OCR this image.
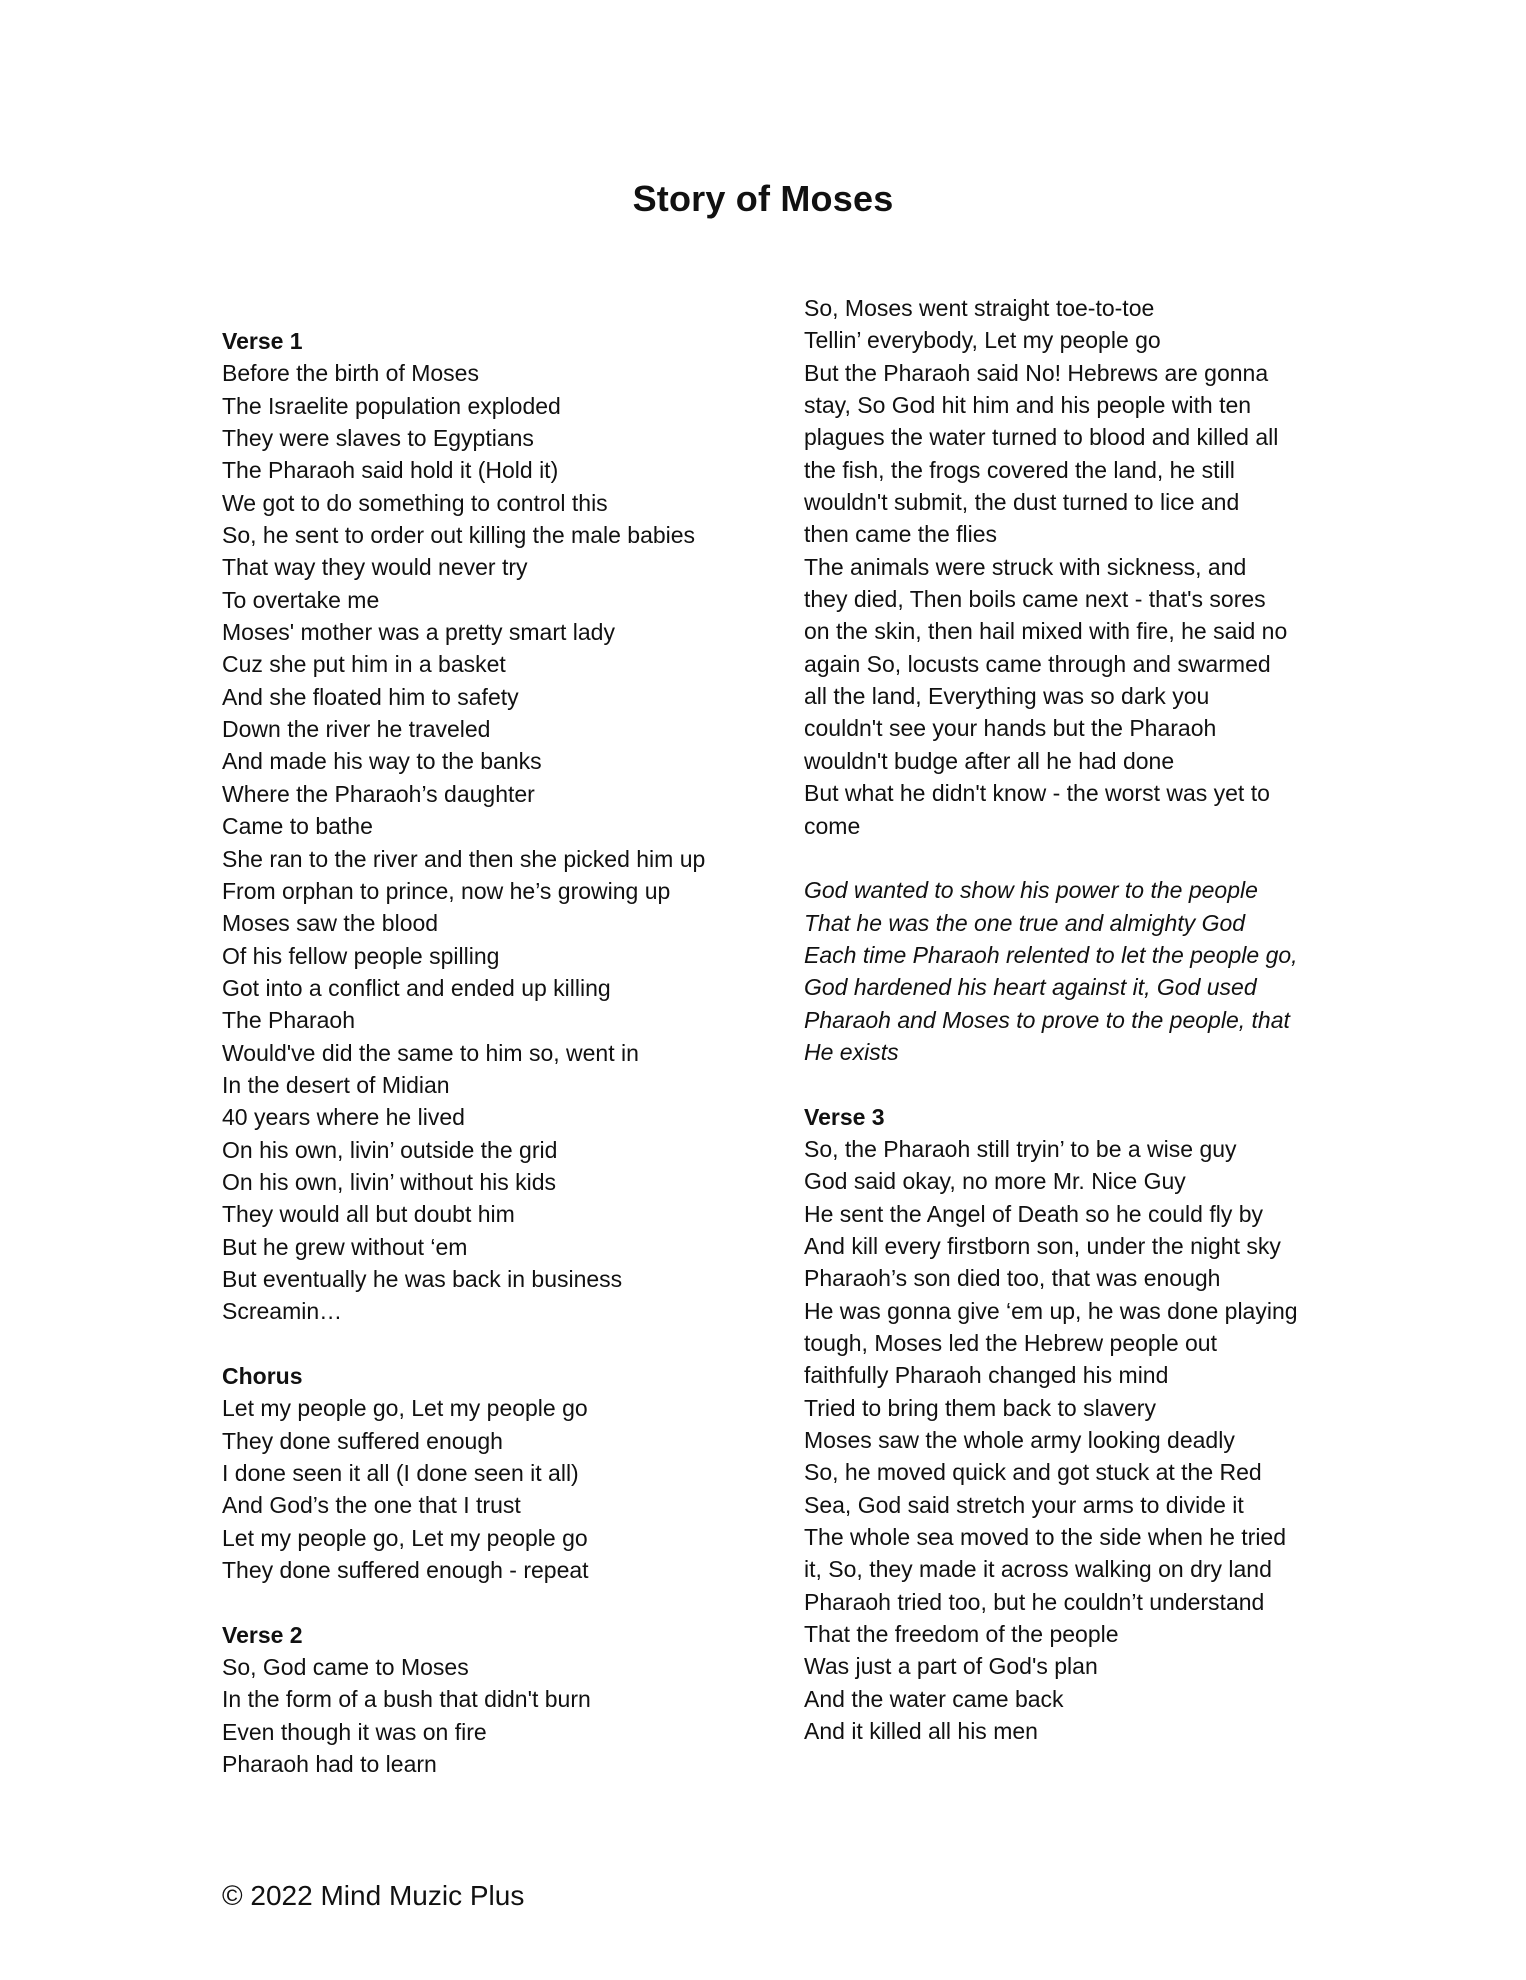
Story of Moses
Verse 1
Before the birth of Moses
The Israelite population exploded
They were slaves to Egyptians
The Pharaoh said hold it (Hold it)
We got to do something to control this
So, he sent to order out killing the male babies
That way they would never try
To overtake me
Moses' mother was a pretty smart lady
Cuz she put him in a basket
And she floated him to safety
Down the river he traveled
And made his way to the banks
Where the Pharaoh’s daughter
Came to bathe
She ran to the river and then she picked him up
From orphan to prince, now he’s growing up
Moses saw the blood
Of his fellow people spilling
Got into a conflict and ended up killing
The Pharaoh
Would've did the same to him so, went in
In the desert of Midian
40 years where he lived
On his own, livin’ outside the grid
On his own, livin’ without his kids
They would all but doubt him
But he grew without ‘em
But eventually he was back in business
Screamin…
Chorus
Let my people go, Let my people go
They done suffered enough
I done seen it all (I done seen it all)
And God’s the one that I trust
Let my people go, Let my people go
They done suffered enough - repeat
Verse 2
So, God came to Moses
In the form of a bush that didn't burn
Even though it was on fire
Pharaoh had to learn
So, Moses went straight toe-to-toe
Tellin’ everybody, Let my people go
But the Pharaoh said No! Hebrews are gonna
stay, So God hit him and his people with ten
plagues the water turned to blood and killed all
the fish, the frogs covered the land, he still
wouldn't submit, the dust turned to lice and
then came the flies
The animals were struck with sickness, and
they died, Then boils came next - that's sores
on the skin, then hail mixed with fire, he said no
again So, locusts came through and swarmed
all the land, Everything was so dark you
couldn't see your hands but the Pharaoh
wouldn't budge after all he had done
But what he didn't know - the worst was yet to
come
God wanted to show his power to the people
That he was the one true and almighty God
Each time Pharaoh relented to let the people go,
God hardened his heart against it, God used
Pharaoh and Moses to prove to the people, that
He exists
Verse 3
So, the Pharaoh still tryin’ to be a wise guy
God said okay, no more Mr. Nice Guy
He sent the Angel of Death so he could fly by
And kill every firstborn son, under the night sky
Pharaoh’s son died too, that was enough
He was gonna give ‘em up, he was done playing
tough, Moses led the Hebrew people out
faithfully Pharaoh changed his mind
Tried to bring them back to slavery
Moses saw the whole army looking deadly
So, he moved quick and got stuck at the Red
Sea, God said stretch your arms to divide it
The whole sea moved to the side when he tried
it, So, they made it across walking on dry land
Pharaoh tried too, but he couldn’t understand
That the freedom of the people
Was just a part of God's plan
And the water came back
And it killed all his men
© 2022 Mind Muzic Plus
